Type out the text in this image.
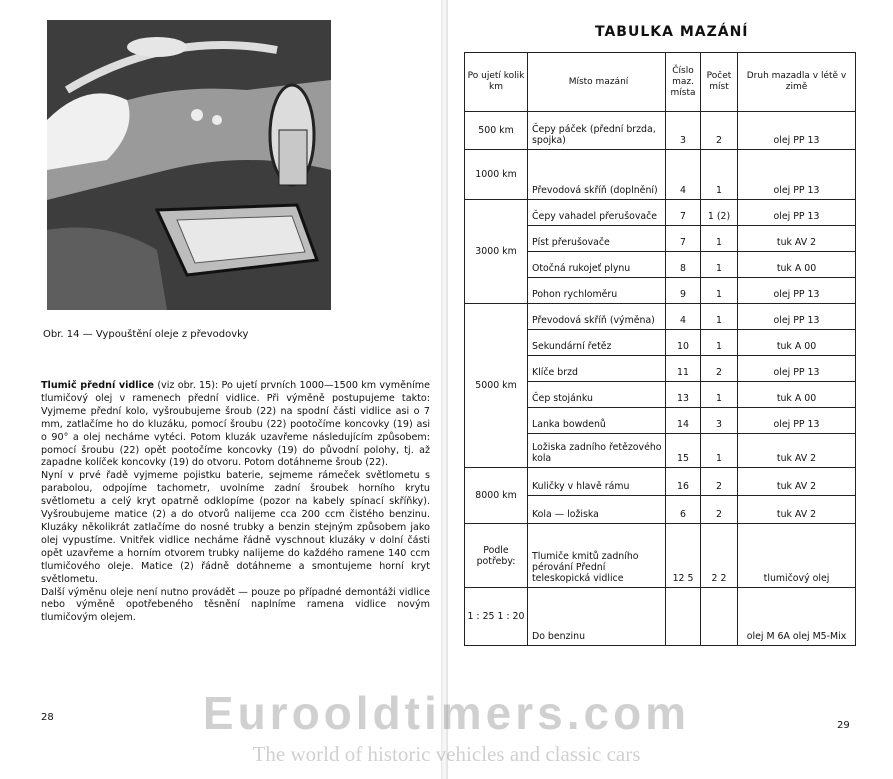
Obr. 14 — Vypouštění oleje z převodovky

Tlumič přední vidlice (viz obr. 15): Po ujetí prvních 1000—1500 km vyměníme tlumičový olej v ramenech přední vidlice. Při výměně postupujeme takto: Vyjmeme přední kolo, vyšroubujeme šroub (22) na spodní části vidlice asi o 7 mm, zatlačíme ho do kluzáku, pomocí šroubu (22) pootočíme koncovky (19) asi o 90° a olej necháme vytéci. Potom kluzák uzavřeme následujícím způsobem: pomocí šroubu (22) opět pootočíme koncovky (19) do původní polohy, tj. až zapadne kolíček koncovky (19) do otvoru. Potom dotáhneme šroub (22).

Nyní v prvé řadě vyjmeme pojistku baterie, sejmeme rámeček světlometu s parabolou, odpojíme tachometr, uvolníme zadní šroubek horního krytu světlometu a celý kryt opatrně odklopíme (pozor na kabely spínací skříňky). Vyšroubujeme matice (2) a do otvorů nalijeme cca 200 ccm čistého benzinu. Kluzáky několikrát zatlačíme do nosné trubky a benzin stejným způsobem jako olej vypustíme. Vnitřek vidlice necháme řádně vyschnout kluzáky v dolní části opět uzavřeme a horním otvorem trubky nalijeme do každého ramene 140 ccm tlumičového oleje. Matice (2) řádně dotáhneme a smontujeme horní kryt světlometu.

Další výměnu oleje není nutno provádět — pouze po případné demontáži vidlice nebo výměně opotřebeného těsnění naplníme ramena vidlice novým tlumičovým olejem.

28
TABULKA MAZÁNÍ
Po ujetí kolik km	Místo mazání	Číslo maz. místa	Počet míst	Druh mazadla v létě v zimě
500 km	Čepy páček (přední brzda, spojka)	3	2	olej PP 13
1000 km	Převodová skříň (doplnění)	4	1	olej PP 13
3000 km	Čepy vahadel přerušovače	7	1 (2)	olej PP 13
	Píst přerušovače	7	1	tuk AV 2
	Otočná rukojeť plynu	8	1	tuk A 00
	Pohon rychloměru	9	1	olej PP 13
5000 km	Převodová skříň (výměna)	4	1	olej PP 13
	Sekundární řetěz	10	1	tuk A 00
	Klíče brzd	11	2	olej PP 13
	Čep stojánku	13	1	tuk A 00
	Lanka bowdenů	14	3	olej PP 13
	Ložiska zadního řetězového kola	15	1	tuk AV 2
8000 km	Kuličky v hlavě rámu	16	2	tuk AV 2
	Kola — ložiska	6	2	tuk AV 2
Podle potřeby:	Tlumiče kmitů zadního pérování Přední teleskopická vidlice	12 5	2 2	tlumičový olej
1 : 25 1 : 20	Do benzinu			olej M 6A olej M5-Mix
29
Eurooldtimers.com
The world of historic vehicles and classic cars
